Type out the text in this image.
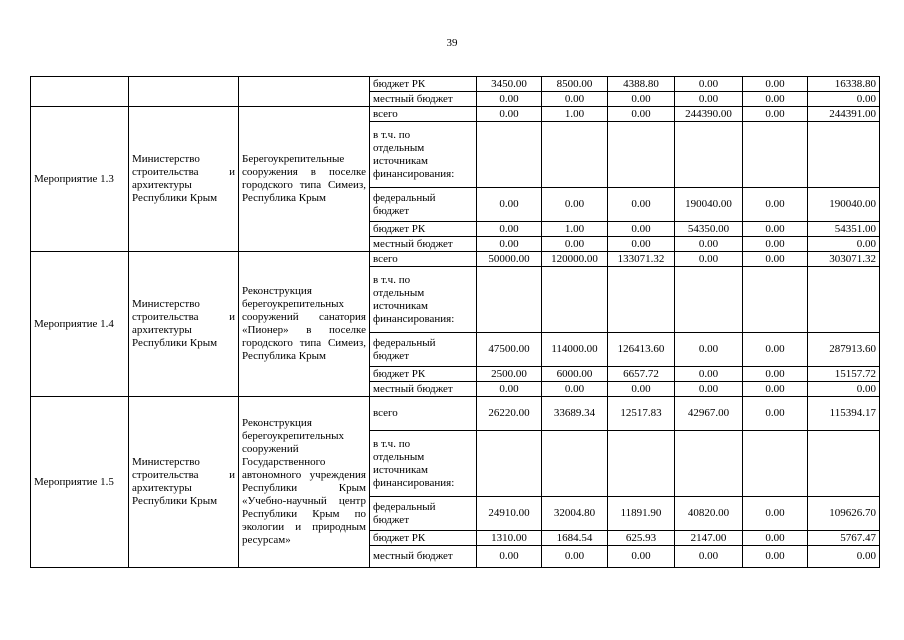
39
			бюджет РК	3450.00	8500.00	4388.80	0.00	0.00	16338.80
			местный бюджет	0.00	0.00	0.00	0.00	0.00	0.00
Мероприятие 1.3	Министерство строительства и архитектуры Республики Крым	Берегоукрепительные сооружения в поселке городского типа Симеиз, Республика Крым	всего	0.00	1.00	0.00	244390.00	0.00	244391.00
			в т.ч. по
отдельным
источникам
финансирования:						
			федеральный
бюджет	0.00	0.00	0.00	190040.00	0.00	190040.00
			бюджет РК	0.00	1.00	0.00	54350.00	0.00	54351.00
			местный бюджет	0.00	0.00	0.00	0.00	0.00	0.00
Мероприятие 1.4	Министерство строительства и архитектуры Республики Крым	Реконструкция берегоукрепительных сооружений санатория «Пионер» в поселке городского типа Симеиз, Республика Крым	всего	50000.00	120000.00	133071.32	0.00	0.00	303071.32
			в т.ч. по
отдельным
источникам
финансирования:						
			федеральный
бюджет	47500.00	114000.00	126413.60	0.00	0.00	287913.60
			бюджет РК	2500.00	6000.00	6657.72	0.00	0.00	15157.72
			местный бюджет	0.00	0.00	0.00	0.00	0.00	0.00
Мероприятие 1.5	Министерство строительства и архитектуры Республики Крым	Реконструкция берегоукрепительных сооружений Государственного автономного учреждения Республики Крым «Учебно-научный центр Республики Крым по экологии и природным ресурсам»	всего	26220.00	33689.34	12517.83	42967.00	0.00	115394.17
			в т.ч. по
отдельным
источникам
финансирования:						
			федеральный
бюджет	24910.00	32004.80	11891.90	40820.00	0.00	109626.70
			бюджет РК	1310.00	1684.54	625.93	2147.00	0.00	5767.47
			местный бюджет	0.00	0.00	0.00	0.00	0.00	0.00
